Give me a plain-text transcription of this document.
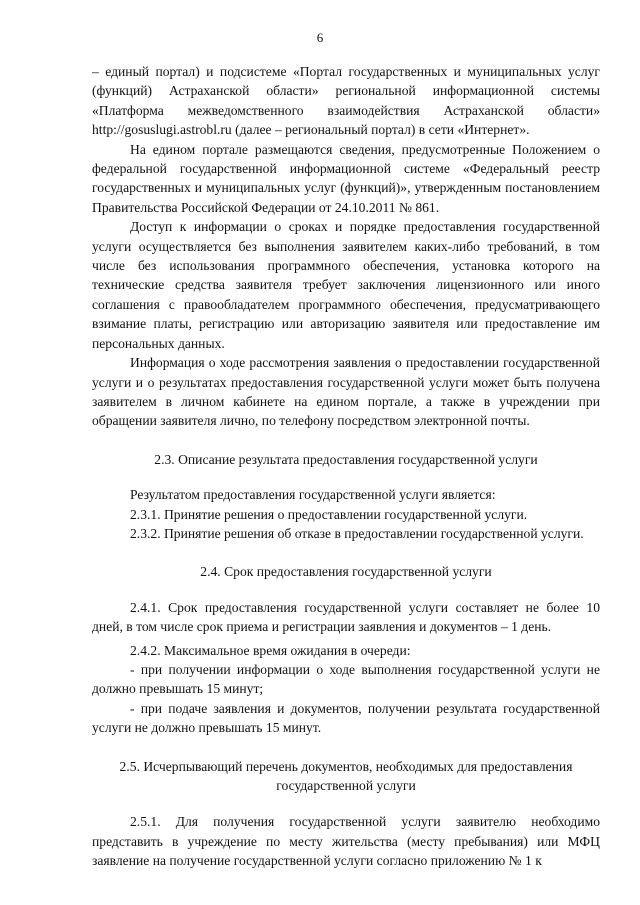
6

– единый портал) и подсистеме «Портал государственных и муниципальных услуг (функций) Астраханской области» региональной информационной системы «Платформа межведомственного взаимодействия Астраханской области» http://gosuslugi.astrobl.ru (далее – региональный портал) в сети «Интернет».

На едином портале размещаются сведения, предусмотренные Положением о федеральной государственной информационной системе «Федеральный реестр государственных и муниципальных услуг (функций)», утвержденным постановлением Правительства Российской Федерации от 24.10.2011 № 861.

Доступ к информации о сроках и порядке предоставления государственной услуги осуществляется без выполнения заявителем каких-либо требований, в том числе без использования программного обеспечения, установка которого на технические средства заявителя требует заключения лицензионного или иного соглашения с правообладателем программного обеспечения, предусматривающего взимание платы, регистрацию или авторизацию заявителя или предоставление им персональных данных.

Информация о ходе рассмотрения заявления о предоставлении государственной услуги и о результатах предоставления государственной услуги может быть получена заявителем в личном кабинете на едином портале, а также в учреждении при обращении заявителя лично, по телефону посредством электронной почты.

2.3. Описание результата предоставления государственной услуги

Результатом предоставления государственной услуги является:

2.3.1. Принятие решения о предоставлении государственной услуги.

2.3.2. Принятие решения об отказе в предоставлении государственной услуги.

2.4. Срок предоставления государственной услуги

2.4.1. Срок предоставления государственной услуги составляет не более 10 дней, в том числе срок приема и регистрации заявления и документов – 1 день.

2.4.2. Максимальное время ожидания в очереди:

- при получении информации о ходе выполнения государственной услуги не должно превышать 15 минут;

- при подаче заявления и документов, получении результата государственной услуги не должно превышать 15 минут.

2.5. Исчерпывающий перечень документов, необходимых для предоставления

государственной услуги

2.5.1. Для получения государственной услуги заявителю необходимо представить в учреждение по месту жительства (месту пребывания) или МФЦ заявление на получение государственной услуги согласно приложению № 1 к
